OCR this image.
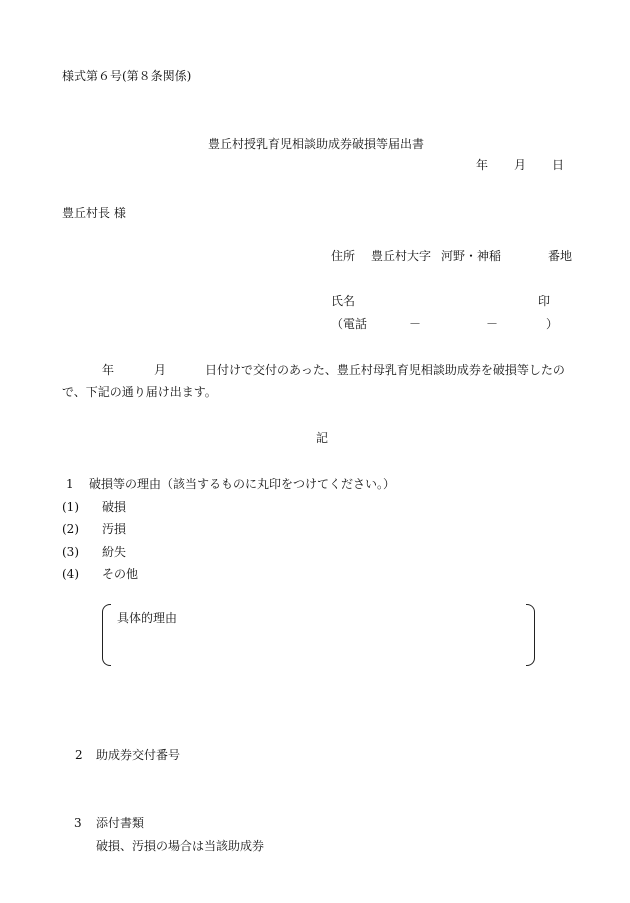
様式第６号(第８条関係)
豊丘村授乳育児相談助成券破損等届出書
年 月 日
豊丘村長 様
住所 豊丘村大字 河野・神稲	番地
氏名	印
（電話	－	－	）
年	月	日付けで交付のあった、豊丘村母乳育児相談助成券を破損等したの
で、下記の通り届け出ます。
記
1 破損等の理由（該当するものに丸印をつけてください。）
(1) 破損
(2) 汚損
(3) 紛失
(4) その他
具体的理由
2 助成券交付番号
3 添付書類
破損、汚損の場合は当該助成券
